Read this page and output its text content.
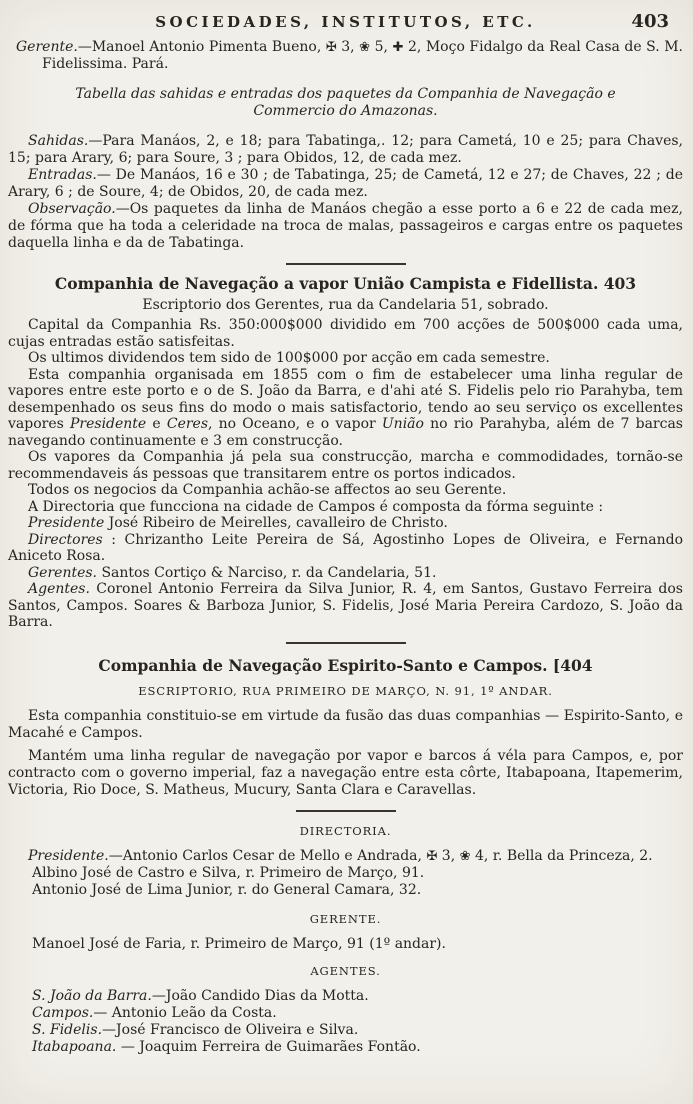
SOCIEDADES, INSTITUTOS, ETC.	403

Gerente.—Manoel Antonio Pimenta Bueno, ✠ 3, ❀ 5, ✚ 2, Moço Fidalgo da Real Casa de S. M. Fidelissima. Pará.

Tabella das sahidas e entradas dos paquetes da Companhia de Navegação e Commercio do Amazonas.

Sahidas.—Para Manáos, 2, e 18; para Tabatinga,. 12; para Cametá, 10 e 25; para Chaves, 15; para Arary, 6; para Soure, 3 ; para Obidos, 12, de cada mez.

Entradas.— De Manáos, 16 e 30 ; de Tabatinga, 25; de Cametá, 12 e 27; de Chaves, 22 ; de Arary, 6 ; de Soure, 4; de Obidos, 20, de cada mez.

Observação.—Os paquetes da linha de Manáos chegão a esse porto a 6 e 22 de cada mez, de fórma que ha toda a celeridade na troca de malas, passageiros e cargas entre os paquetes daquella linha e da de Tabatinga.

Companhia de Navegação a vapor União Campista e Fidellista. 403

Escriptorio dos Gerentes, rua da Candelaria 51, sobrado.

Capital da Companhia Rs. 350:000$000 dividido em 700 acções de 500$000 cada uma, cujas entradas estão satisfeitas.

Os ultimos dividendos tem sido de 100$000 por acção em cada semestre.

Esta companhia organisada em 1855 com o fim de estabelecer uma linha regular de vapores entre este porto e o de S. João da Barra, e d'ahi até S. Fidelis pelo rio Parahyba, tem desempenhado os seus fins do modo o mais satisfactorio, tendo ao seu serviço os excellentes vapores Presidente e Ceres, no Oceano, e o vapor União no rio Parahyba, além de 7 barcas navegando continuamente e 3 em construcção.

Os vapores da Companhia já pela sua construcção, marcha e commodidades, tornão-se recommendaveis ás pessoas que transitarem entre os portos indicados.

Todos os negocios da Companhia achão-se affectos ao seu Gerente.

A Directoria que funcciona na cidade de Campos é composta da fórma seguinte :

Presidente José Ribeiro de Meirelles, cavalleiro de Christo.

Directores : Chrizantho Leite Pereira de Sá, Agostinho Lopes de Oliveira, e Fernando Aniceto Rosa.

Gerentes. Santos Cortiço & Narciso, r. da Candelaria, 51.

Agentes. Coronel Antonio Ferreira da Silva Junior, R. 4, em Santos, Gustavo Ferreira dos Santos, Campos. Soares & Barboza Junior, S. Fidelis, José Maria Pereira Cardozo, S. João da Barra.

Companhia de Navegação Espirito-Santo e Campos. [404

ESCRIPTORIO, RUA PRIMEIRO DE MARÇO, N. 91, 1º ANDAR.

Esta companhia constituio-se em virtude da fusão das duas companhias — Espirito-Santo, e Macahé e Campos.

Mantém uma linha regular de navegação por vapor e barcos á véla para Campos, e, por contracto com o governo imperial, faz a navegação entre esta côrte, Itabapoana, Itapemerim, Victoria, Rio Doce, S. Matheus, Mucury, Santa Clara e Caravellas.

DIRECTORIA.

Presidente.—Antonio Carlos Cesar de Mello e Andrada, ✠ 3, ❀ 4, r. Bella da Princeza, 2.

Albino José de Castro e Silva, r. Primeiro de Março, 91.

Antonio José de Lima Junior, r. do General Camara, 32.

GERENTE.

Manoel José de Faria, r. Primeiro de Março, 91 (1º andar).

AGENTES.

S. João da Barra.—João Candido Dias da Motta.

Campos.— Antonio Leão da Costa.

S. Fidelis.—José Francisco de Oliveira e Silva.

Itabapoana. — Joaquim Ferreira de Guimarães Fontão.
